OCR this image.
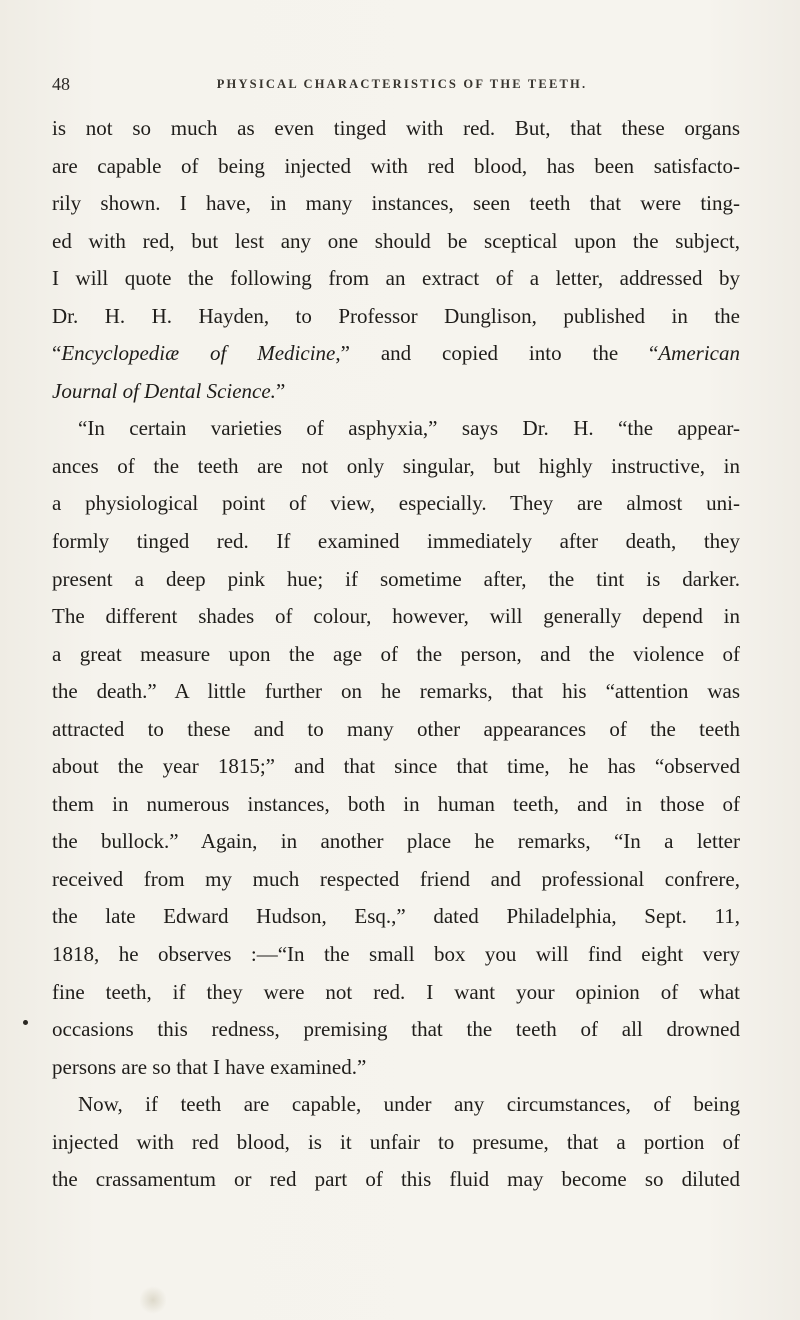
48	PHYSICAL CHARACTERISTICS OF THE TEETH.
is not so much as even tinged with red. But, that these organs
are capable of being injected with red blood, has been satisfacto-
rily shown. I have, in many instances, seen teeth that were ting-
ed with red, but lest any one should be sceptical upon the subject,
I will quote the following from an extract of a letter, addressed by
Dr. H. H. Hayden, to Professor Dunglison, published in the
“Encyclopediæ of Medicine,” and copied into the “American
Journal of Dental Science.”
“In certain varieties of asphyxia,” says Dr. H. “the appear-
ances of the teeth are not only singular, but highly instructive, in
a physiological point of view, especially. They are almost uni-
formly tinged red. If examined immediately after death, they
present a deep pink hue; if sometime after, the tint is darker.
The different shades of colour, however, will generally depend in
a great measure upon the age of the person, and the violence of
the death.” A little further on he remarks, that his “attention was
attracted to these and to many other appearances of the teeth
about the year 1815;” and that since that time, he has “observed
them in numerous instances, both in human teeth, and in those of
the bullock.” Again, in another place he remarks, “In a letter
received from my much respected friend and professional confrere,
the late Edward Hudson, Esq.,” dated Philadelphia, Sept. 11,
1818, he observes :—“In the small box you will find eight very
fine teeth, if they were not red. I want your opinion of what
occasions this redness, premising that the teeth of all drowned
persons are so that I have examined.”
Now, if teeth are capable, under any circumstances, of being
injected with red blood, is it unfair to presume, that a portion of
the crassamentum or red part of this fluid may become so diluted
